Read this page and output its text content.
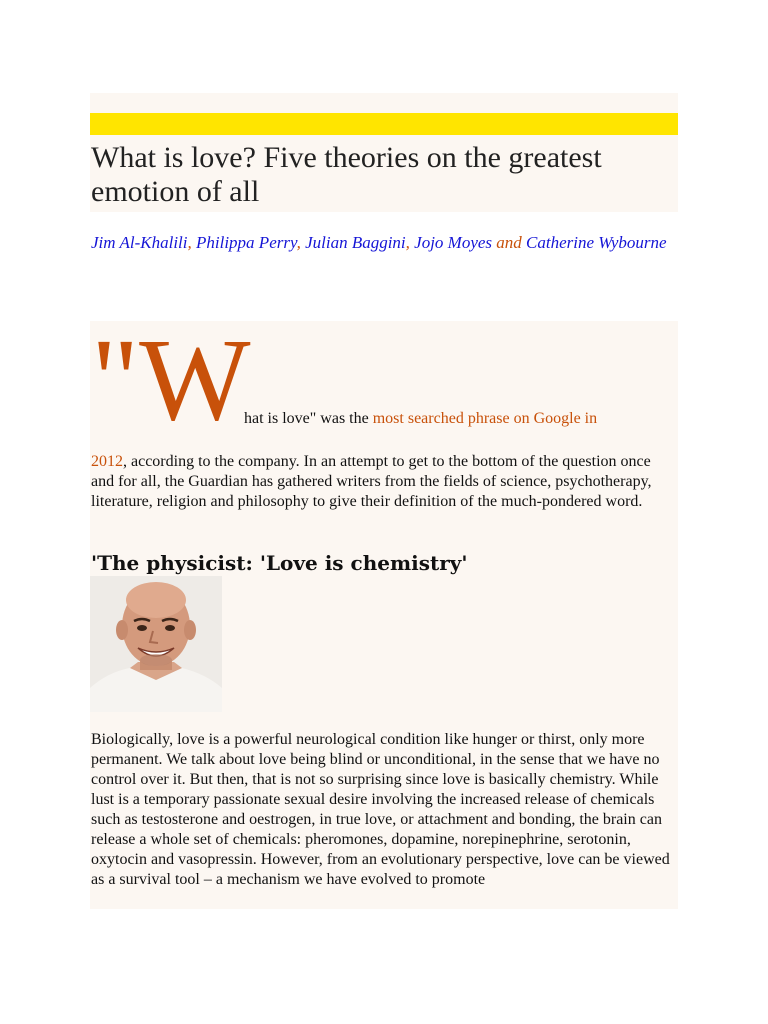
What is love? Five theories on the greatest emotion of all
Jim Al-Khalili, Philippa Perry, Julian Baggini, Jojo Moyes and Catherine Wybourne
"W
hat is love" was the most searched phrase on Google in
2012, according to the company. In an attempt to get to the bottom of the question once and for all, the Guardian has gathered writers from the fields of science, psychotherapy, literature, religion and philosophy to give their definition of the much-pondered word.
'The physicist: 'Love is chemistry'
Biologically, love is a powerful neurological condition like hunger or thirst, only more permanent. We talk about love being blind or unconditional, in the sense that we have no control over it. But then, that is not so surprising since love is basically chemistry. While lust is a temporary passionate sexual desire involving the increased release of chemicals such as testosterone and oestrogen, in true love, or attachment and bonding, the brain can release a whole set of chemicals: pheromones, dopamine, norepinephrine, serotonin, oxytocin and vasopressin. However, from an evolutionary perspective, love can be viewed as a survival tool – a mechanism we have evolved to promote
